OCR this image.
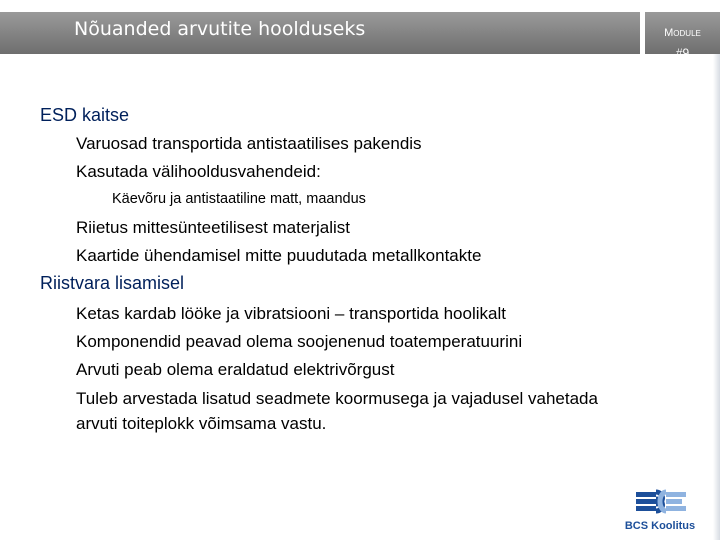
Nõuanded arvutite hoolduseks	Module
#9
ESD kaitse
Varuosad transportida antistaatilises pakendis
Kasutada välihooldusvahendeid:
Käevõru ja antistaatiline matt, maandus
Riietus mittesünteetilisest materjalist
Kaartide ühendamisel mitte puudutada metallkontakte
Riistvara lisamisel
Ketas kardab lööke ja vibratsiooni – transportida hoolikalt
Komponendid peavad olema soojenenud toatemperatuurini
Arvuti peab olema eraldatud elektrivõrgust
Tuleb arvestada lisatud seadmete koormusega ja vajadusel vahetada
arvuti toiteplokk võimsama vastu.
BCS Koolitus
